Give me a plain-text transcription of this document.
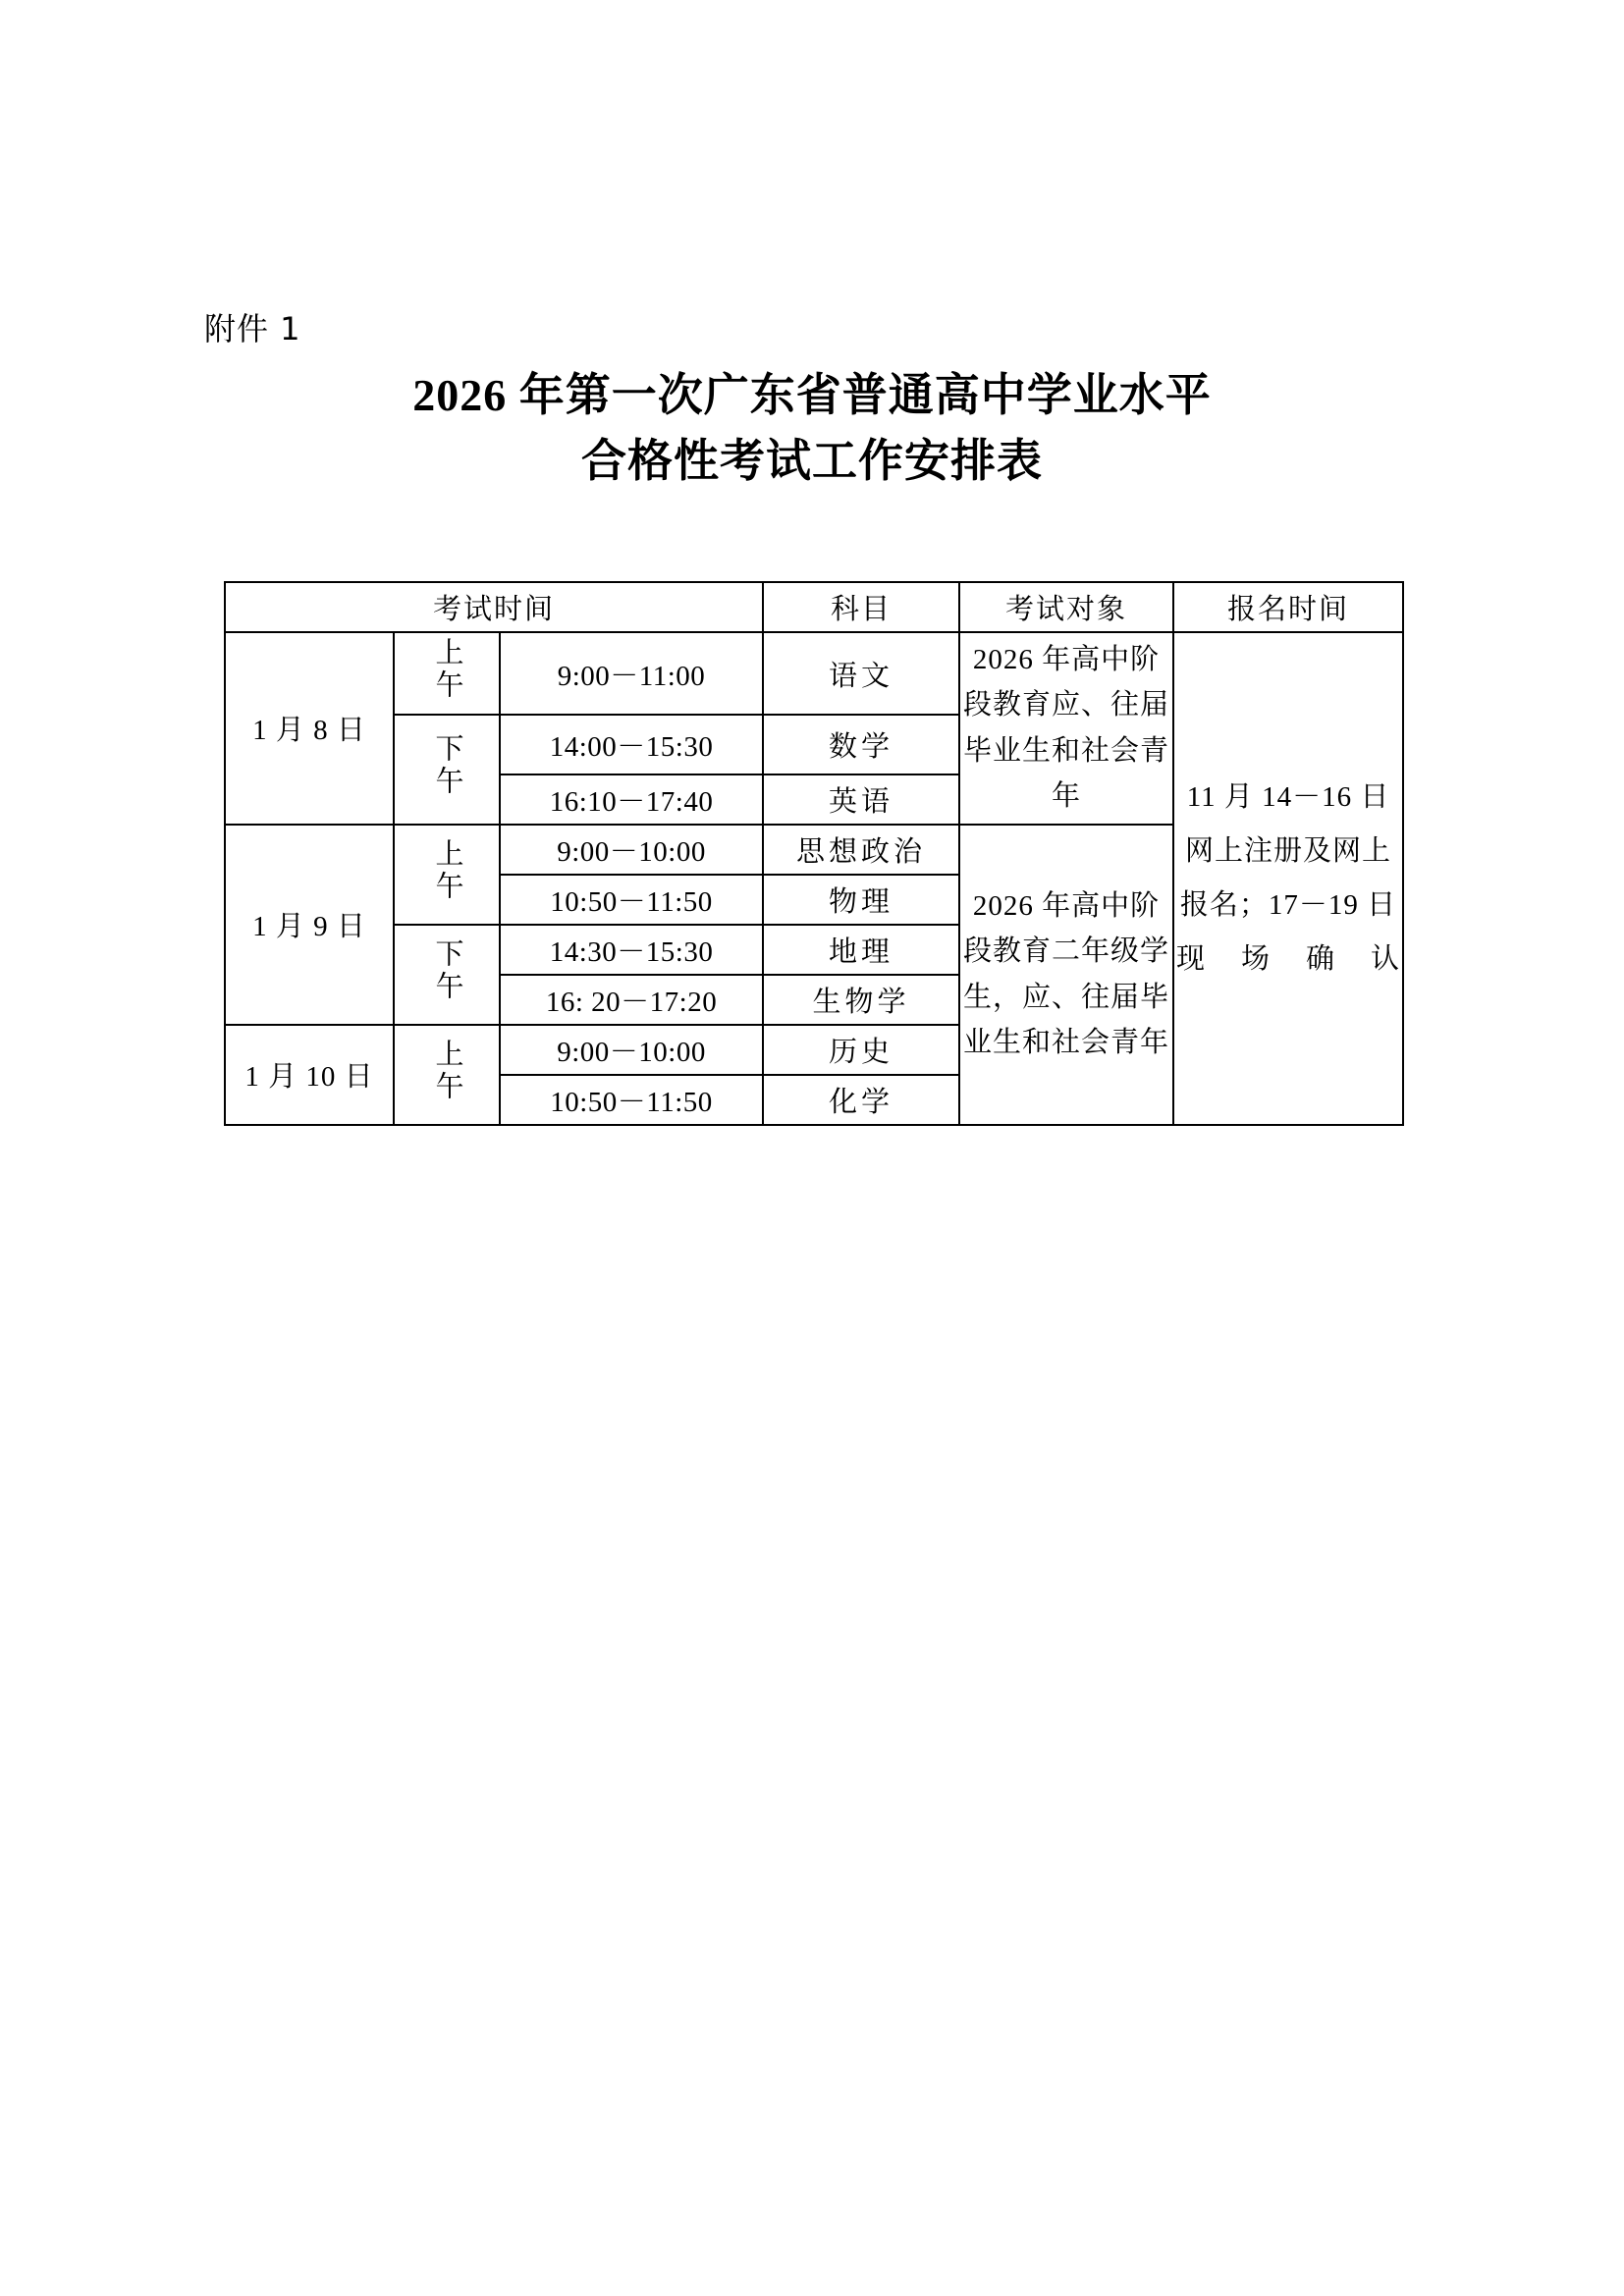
附件 1
2026 年第一次广东省普通高中学业水平
合格性考试工作安排表
考试时间			科目	考试对象	报名时间
1 月 8 日	上午	9:00－11:00	语文	2026 年高中阶段教育应、往届毕业生和社会青年	11 月 14－16 日网上注册及网上报名；17－19 日现场确认
	下午	14:00－15:30	数学		
		16:10－17:40	英语		
1 月 9 日	上午	9:00－10:00	思想政治	2026 年高中阶段教育二年级学生，应、往届毕业生和社会青年	
		10:50－11:50	物理		
	下午	14:30－15:30	地理		
		16: 20－17:20	生物学		
1 月 10 日	上午	9:00－10:00	历史		
		10:50－11:50	化学		
